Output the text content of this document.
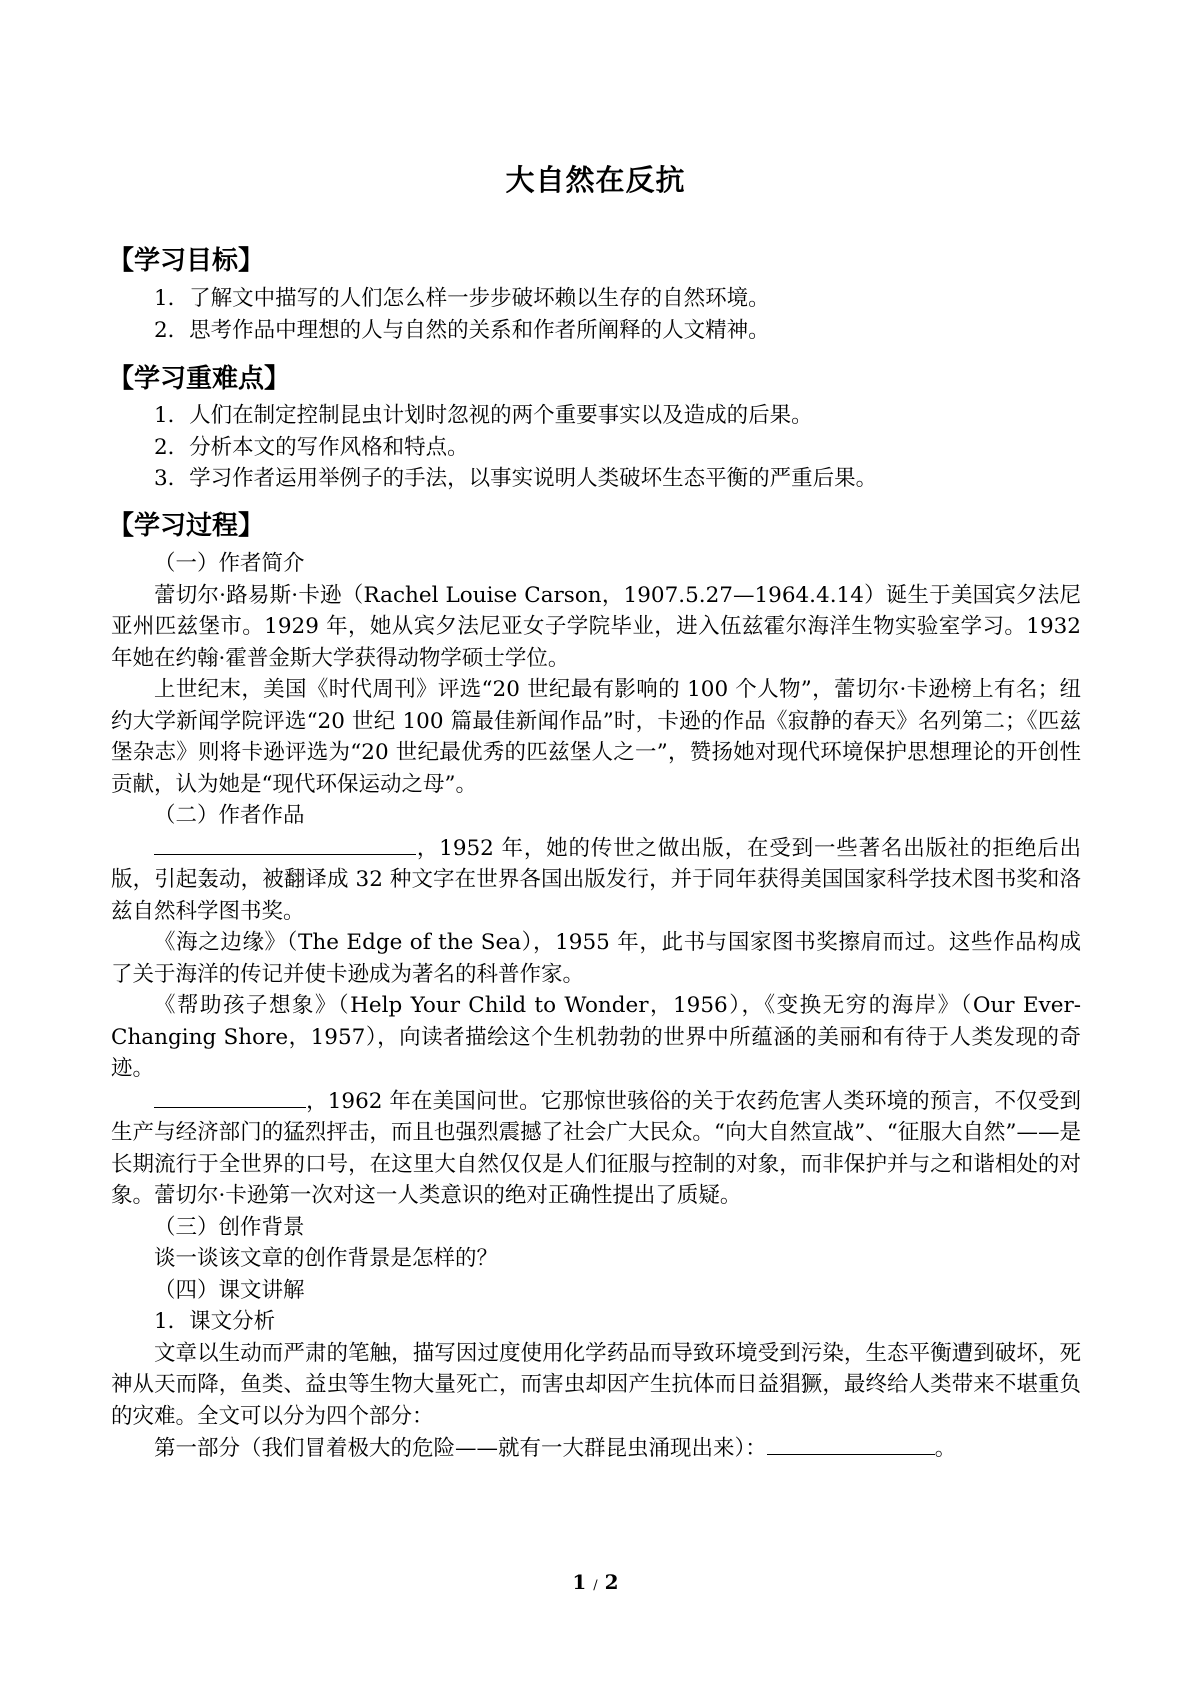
大自然在反抗
【学习目标】

1．了解文中描写的人们怎么样一步步破坏赖以生存的自然环境。

2．思考作品中理想的人与自然的关系和作者所阐释的人文精神。

【学习重难点】

1．人们在制定控制昆虫计划时忽视的两个重要事实以及造成的后果。

2．分析本文的写作风格和特点。

3．学习作者运用举例子的手法，以事实说明人类破坏生态平衡的严重后果。

【学习过程】

（一）作者简介

蕾切尔·路易斯·卡逊（Rachel Louise Carson，1907.5.27—1964.4.14）诞生于美国宾夕法尼亚州匹兹堡市。1929 年，她从宾夕法尼亚女子学院毕业，进入伍兹霍尔海洋生物实验室学习。1932 年她在约翰·霍普金斯大学获得动物学硕士学位。

上世纪末，美国《时代周刊》评选“20 世纪最有影响的 100 个人物”，蕾切尔·卡逊榜上有名；纽约大学新闻学院评选“20 世纪 100 篇最佳新闻作品”时，卡逊的作品《寂静的春天》名列第二；《匹兹堡杂志》则将卡逊评选为“20 世纪最优秀的匹兹堡人之一”，赞扬她对现代环境保护思想理论的开创性贡献，认为她是“现代环保运动之母”。

（二）作者作品

，1952 年，她的传世之做出版，在受到一些著名出版社的拒绝后出版，引起轰动，被翻译成 32 种文字在世界各国出版发行，并于同年获得美国国家科学技术图书奖和洛兹自然科学图书奖。

《海之边缘》（The Edge of the Sea），1955 年，此书与国家图书奖擦肩而过。这些作品构成了关于海洋的传记并使卡逊成为著名的科普作家。

《帮助孩子想象》（Help Your Child to Wonder，1956），《变换无穷的海岸》（Our Ever-Changing Shore，1957），向读者描绘这个生机勃勃的世界中所蕴涵的美丽和有待于人类发现的奇迹。

，1962 年在美国问世。它那惊世骇俗的关于农药危害人类环境的预言，不仅受到生产与经济部门的猛烈抨击，而且也强烈震撼了社会广大民众。“向大自然宣战”、“征服大自然”——是长期流行于全世界的口号，在这里大自然仅仅是人们征服与控制的对象，而非保护并与之和谐相处的对象。蕾切尔·卡逊第一次对这一人类意识的绝对正确性提出了质疑。

（三）创作背景

谈一谈该文章的创作背景是怎样的？

（四）课文讲解

1．课文分析

文章以生动而严肃的笔触，描写因过度使用化学药品而导致环境受到污染，生态平衡遭到破坏，死神从天而降，鱼类、益虫等生物大量死亡，而害虫却因产生抗体而日益猖獗，最终给人类带来不堪重负的灾难。全文可以分为四个部分：

第一部分（我们冒着极大的危险——就有一大群昆虫涌现出来）：	。

1 / 2
